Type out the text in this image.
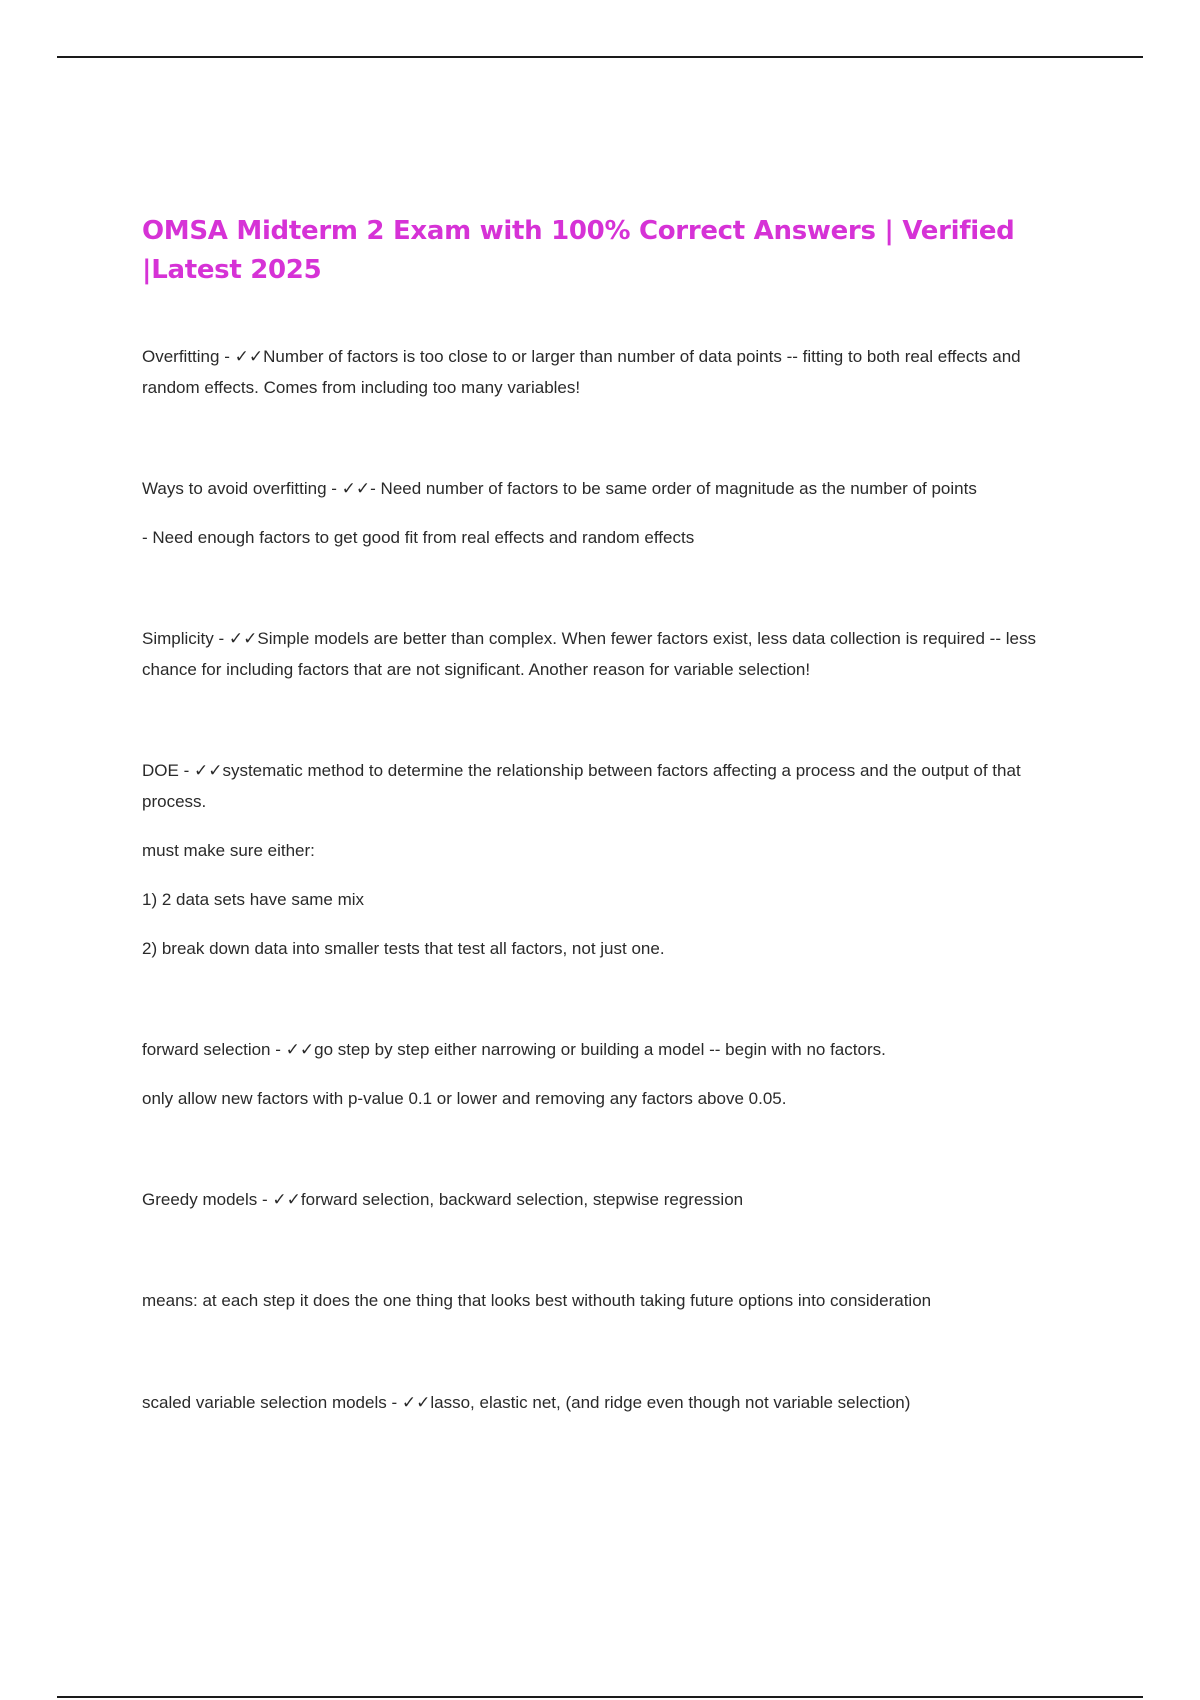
OMSA Midterm 2 Exam with 100% Correct Answers | Verified |Latest 2025

Overfitting - ✓✓Number of factors is too close to or larger than number of data points -- fitting to both real effects and random effects. Comes from including too many variables!

Ways to avoid overfitting - ✓✓- Need number of factors to be same order of magnitude as the number of points

- Need enough factors to get good fit from real effects and random effects

Simplicity - ✓✓Simple models are better than complex. When fewer factors exist, less data collection is required -- less chance for including factors that are not significant. Another reason for variable selection!

DOE - ✓✓systematic method to determine the relationship between factors affecting a process and the output of that process.

must make sure either:

1) 2 data sets have same mix

2) break down data into smaller tests that test all factors, not just one.

forward selection - ✓✓go step by step either narrowing or building a model -- begin with no factors.

only allow new factors with p-value 0.1 or lower and removing any factors above 0.05.

Greedy models - ✓✓forward selection, backward selection, stepwise regression

means: at each step it does the one thing that looks best withouth taking future options into consideration

scaled variable selection models - ✓✓lasso, elastic net, (and ridge even though not variable selection)
